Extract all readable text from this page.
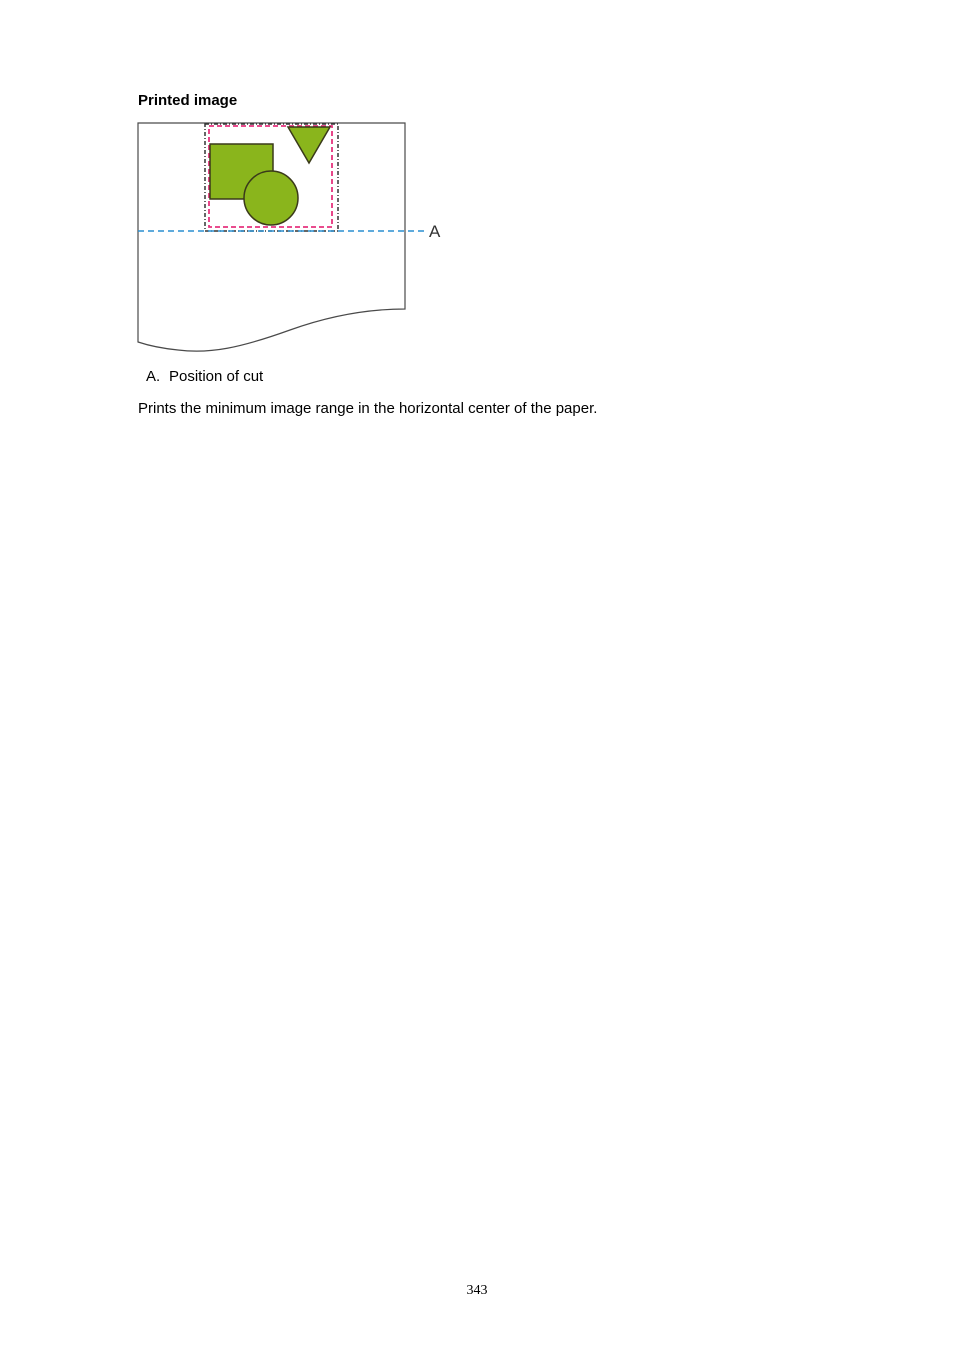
Printed image
A

A. Position of cut

Prints the minimum image range in the horizontal center of the paper.

343
